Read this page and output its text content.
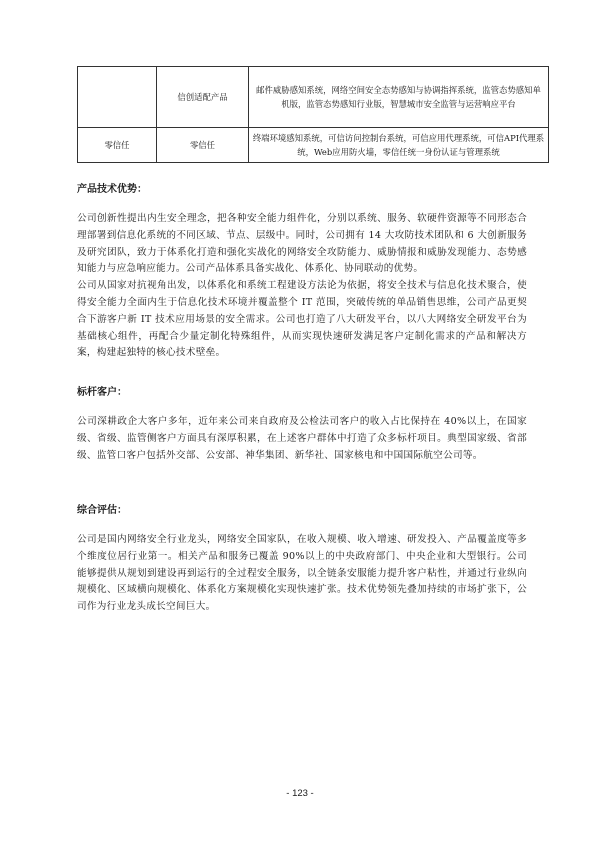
	信创适配产品	邮件威胁感知系统，网络空间安全态势感知与协调指挥系统，监管态势感知单机版，监管态势感知行业版，智慧城市安全监管与运营响应平台
零信任	零信任	终端环境感知系统，可信访问控制台系统，可信应用代理系统，可信API代理系统，Web应用防火墙，零信任统一身份认证与管理系统

产品技术优势：

公司创新性提出内生安全理念，把各种安全能力组件化，分别以系统、服务、软硬件资源等不同形态合理部署到信息化系统的不同区域、节点、层级中。同时，公司拥有 14 大攻防技术团队和 6 大创新服务及研究团队，致力于体系化打造和强化实战化的网络安全攻防能力、威胁情报和威胁发现能力、态势感知能力与应急响应能力。公司产品体系具备实战化、体系化、协同联动的优势。

公司从国家对抗视角出发，以体系化和系统工程建设方法论为依据，将安全技术与信息化技术聚合，使得安全能力全面内生于信息化技术环境并覆盖整个 IT 范围，突破传统的单品销售思维，公司产品更契合下游客户新 IT 技术应用场景的安全需求。公司也打造了八大研发平台，以八大网络安全研发平台为基础核心组件，再配合少量定制化特殊组件，从而实现快速研发满足客户定制化需求的产品和解决方案，构建起独特的核心技术壁垒。

标杆客户：

公司深耕政企大客户多年，近年来公司来自政府及公检法司客户的收入占比保持在 40%以上，在国家级、省级、监管侧客户方面具有深厚积累，在上述客户群体中打造了众多标杆项目。典型国家级、省部级、监管口客户包括外交部、公安部、神华集团、新华社、国家核电和中国国际航空公司等。

综合评估：

公司是国内网络安全行业龙头，网络安全国家队，在收入规模、收入增速、研发投入、产品覆盖度等多个维度位居行业第一。相关产品和服务已覆盖 90%以上的中央政府部门、中央企业和大型银行。公司能够提供从规划到建设再到运行的全过程安全服务，以全链条安服能力提升客户粘性，并通过行业纵向规模化、区域横向规模化、体系化方案规模化实现快速扩张。技术优势领先叠加持续的市场扩张下，公司作为行业龙头成长空间巨大。

- 123 -
